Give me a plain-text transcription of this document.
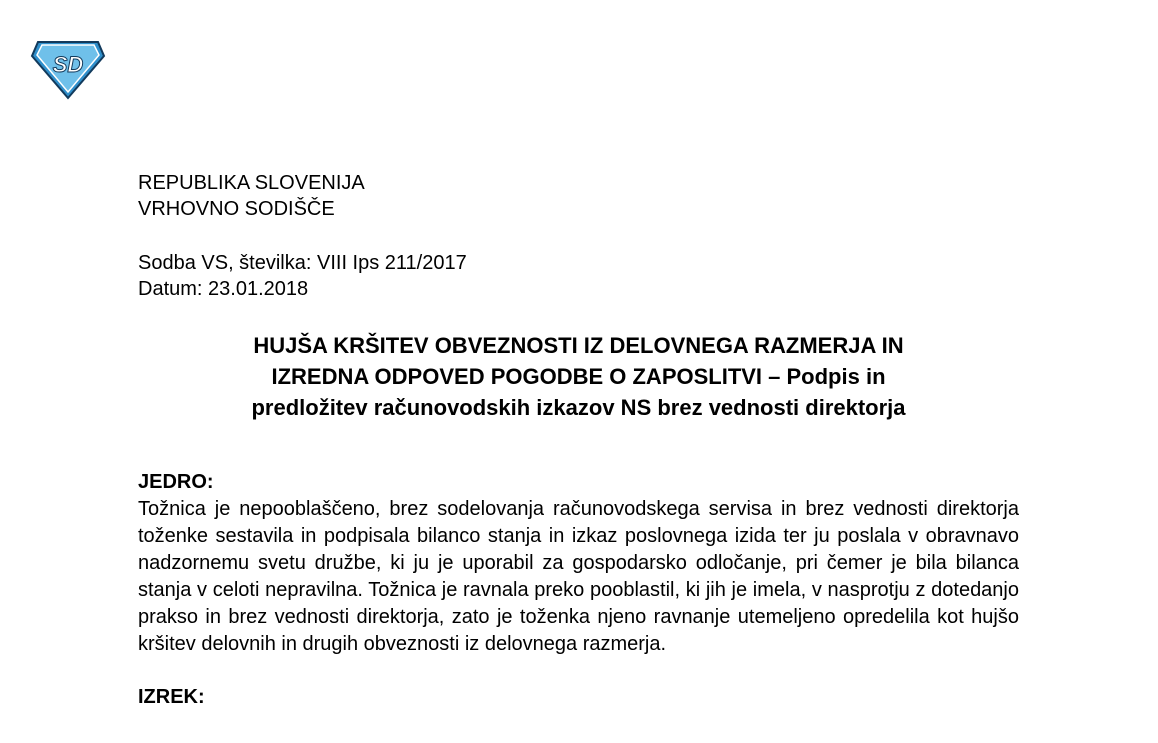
SD
REPUBLIKA SLOVENIJA
VRHOVNO SODIŠČE
Sodba VS, številka: VIII Ips 211/2017
Datum: 23.01.2018
HUJŠA KRŠITEV OBVEZNOSTI IZ DELOVNEGA RAZMERJA IN
IZREDNA ODPOVED POGODBE O ZAPOSLITVI – Podpis in
predložitev računovodskih izkazov NS brez vednosti direktorja
JEDRO:
Tožnica je nepooblaščeno, brez sodelovanja računovodskega servisa in brez vednosti direktorja toženke sestavila in podpisala bilanco stanja in izkaz poslovnega izida ter ju poslala v obravnavo nadzornemu svetu družbe, ki ju je uporabil za gospodarsko odločanje, pri čemer je bila bilanca stanja v celoti nepravilna. Tožnica je ravnala preko pooblastil, ki jih je imela, v nasprotju z dotedanjo prakso in brez vednosti direktorja, zato je toženka njeno ravnanje utemeljeno opredelila kot hujšo kršitev delovnih in drugih obveznosti iz delovnega razmerja.
IZREK:
